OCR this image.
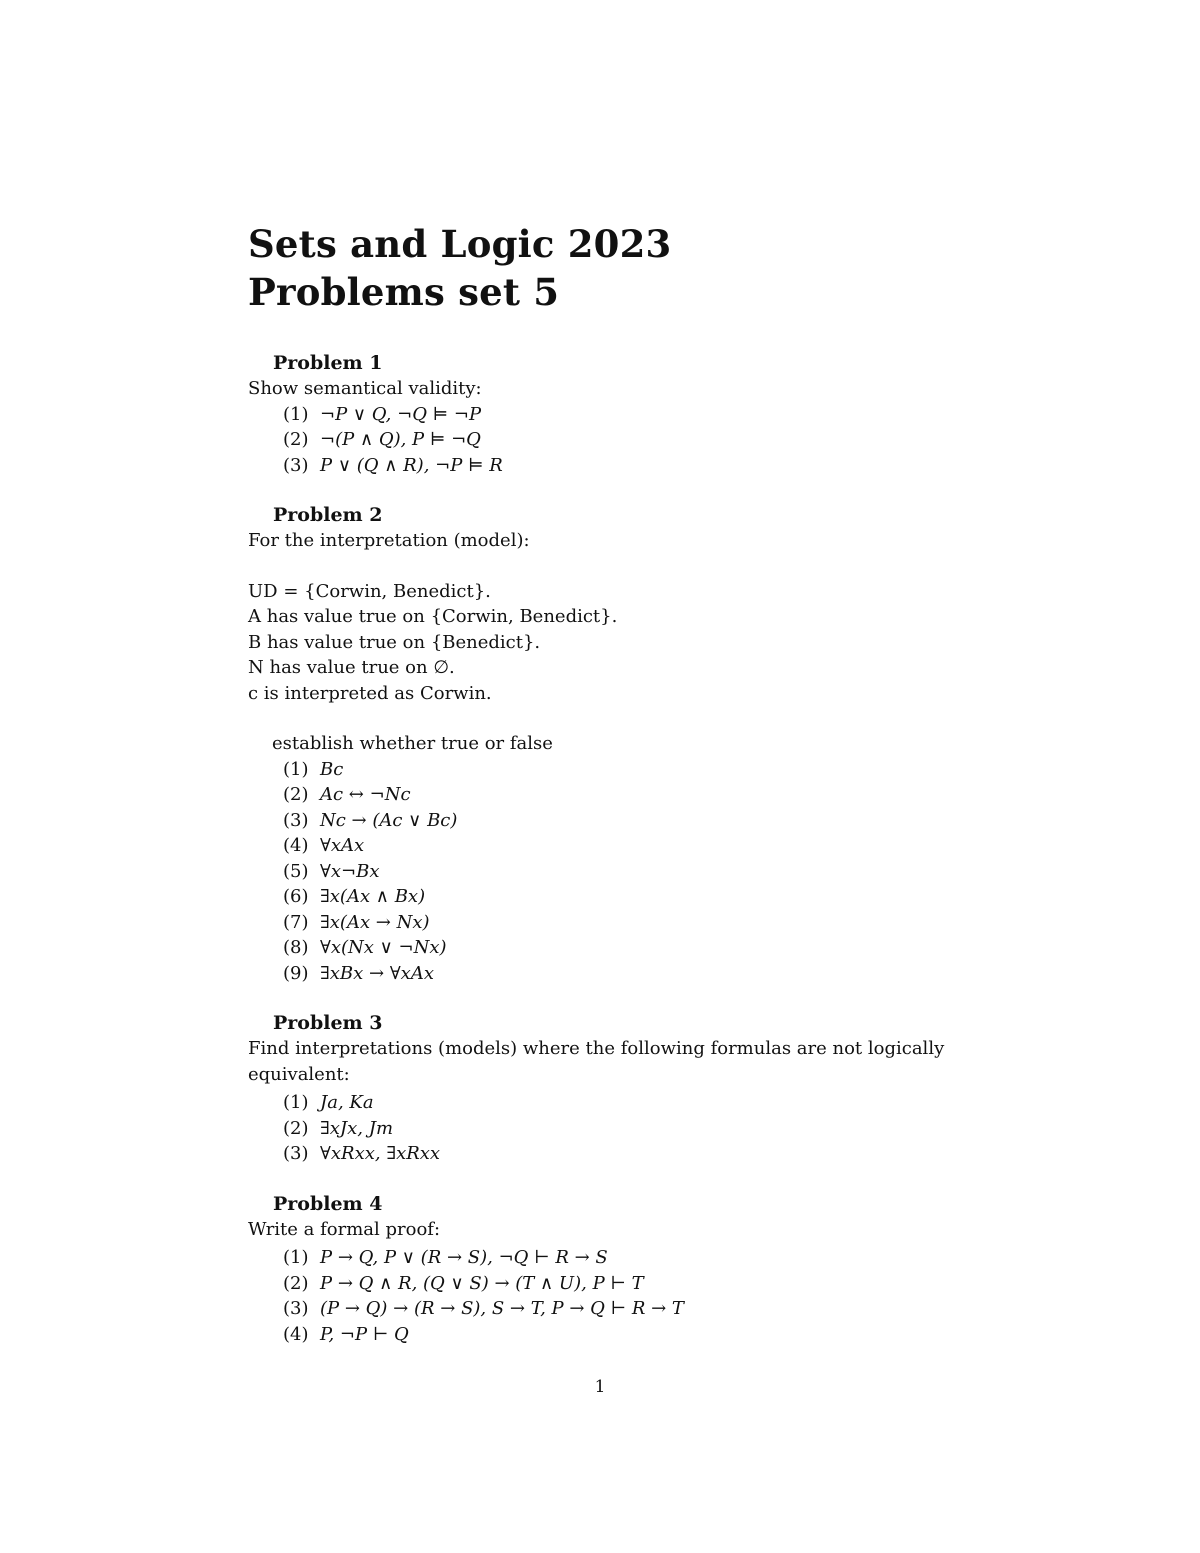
Sets and Logic 2023
Problems set 5
Problem 1
Show semantical validity:
(1) ¬P ∨ Q, ¬Q ⊨ ¬P
(2) ¬(P ∧ Q), P ⊨ ¬Q
(3) P ∨ (Q ∧ R), ¬P ⊨ R
Problem 2
For the interpretation (model):
UD = {Corwin, Benedict}.
A has value true on {Corwin, Benedict}.
B has value true on {Benedict}.
N has value true on ∅.
c is interpreted as Corwin.
establish whether true or false
(1) Bc
(2) Ac ↔ ¬Nc
(3) Nc → (Ac ∨ Bc)
(4) ∀xAx
(5) ∀x¬Bx
(6) ∃x(Ax ∧ Bx)
(7) ∃x(Ax → Nx)
(8) ∀x(Nx ∨ ¬Nx)
(9) ∃xBx → ∀xAx
Problem 3
Find interpretations (models) where the following formulas are not logically
equivalent:
(1) Ja, Ka
(2) ∃xJx, Jm
(3) ∀xRxx, ∃xRxx
Problem 4
Write a formal proof:
(1) P → Q, P ∨ (R → S), ¬Q ⊢ R → S
(2) P → Q ∧ R, (Q ∨ S) → (T ∧ U), P ⊢ T
(3) (P → Q) → (R → S), S → T, P → Q ⊢ R → T
(4) P, ¬P ⊢ Q
1
